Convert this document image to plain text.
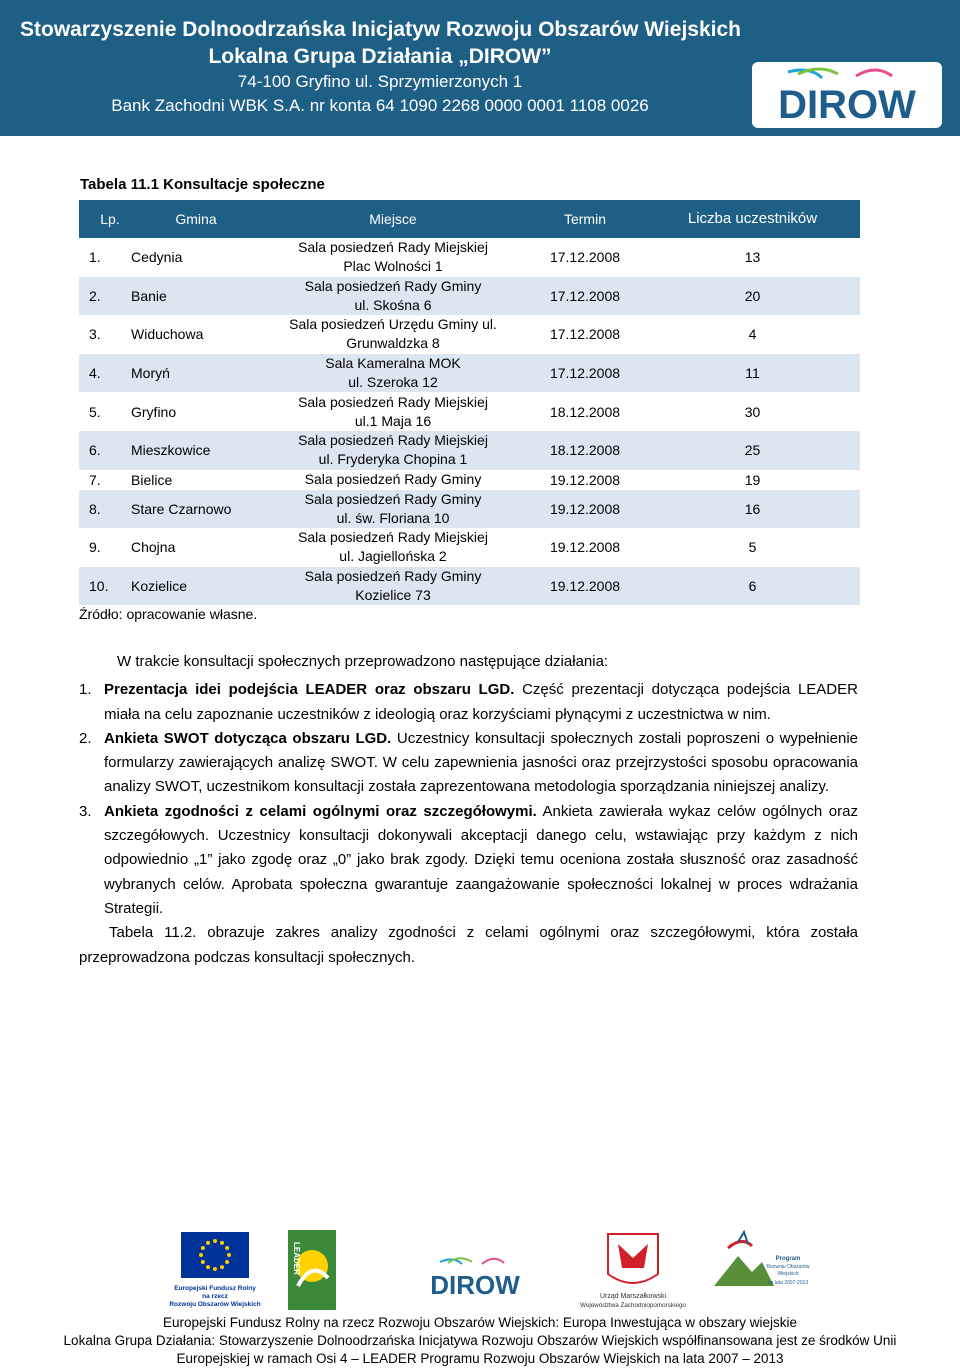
Stowarzyszenie Dolnoodrzańska Inicjatyw Rozwoju Obszarów Wiejskich
Lokalna Grupa Działania „DIROW”
74-100 Gryfino ul. Sprzymierzonych 1
Bank Zachodni WBK S.A. nr konta 64 1090 2268 0000 0001 1108 0026	DIROW
Tabela 11.1 Konsultacje społeczne
Lp.	Gmina	Miejsce	Termin	Liczba uczestników
1.	Cedynia	Sala posiedzeń Rady Miejskiej
Plac Wolności 1	17.12.2008	13
2.	Banie	Sala posiedzeń Rady Gminy
ul. Skośna 6	17.12.2008	20
3.	Widuchowa	Sala posiedzeń Urzędu Gminy ul.
Grunwaldzka 8	17.12.2008	4
4.	Moryń	Sala Kameralna MOK
ul. Szeroka 12	17.12.2008	11
5.	Gryfino	Sala posiedzeń Rady Miejskiej
ul.1 Maja 16	18.12.2008	30
6.	Mieszkowice	Sala posiedzeń Rady Miejskiej
ul. Fryderyka Chopina 1	18.12.2008	25
7.	Bielice	Sala posiedzeń Rady Gminy	19.12.2008	19
8.	Stare Czarnowo	Sala posiedzeń Rady Gminy
ul. św. Floriana 10	19.12.2008	16
9.	Chojna	Sala posiedzeń Rady Miejskiej
ul. Jagiellońska 2	19.12.2008	5
10.	Kozielice	Sala posiedzeń Rady Gminy
Kozielice 73	19.12.2008	6
Źródło: opracowanie własne.

W trakcie konsultacji społecznych przeprowadzono następujące działania:

1. Prezentacja idei podejścia LEADER oraz obszaru LGD. Część prezentacji dotycząca podejścia LEADER miała na celu zapoznanie uczestników z ideologią oraz korzyściami płynącymi z uczestnictwa w nim.

2. Ankieta SWOT dotycząca obszaru LGD. Uczestnicy konsultacji społecznych zostali poproszeni o wypełnienie formularzy zawierających analizę SWOT. W celu zapewnienia jasności oraz przejrzystości sposobu opracowania analizy SWOT, uczestnikom konsultacji została zaprezentowana metodologia sporządzania niniejszej analizy.

3. Ankieta zgodności z celami ogólnymi oraz szczegółowymi. Ankieta zawierała wykaz celów ogólnych oraz szczegółowych. Uczestnicy konsultacji dokonywali akceptacji danego celu, wstawiając przy każdym z nich odpowiednio „1” jako zgodę oraz „0” jako brak zgody. Dzięki temu oceniona została słuszność oraz zasadność wybranych celów. Aprobata społeczna gwarantuje zaangażowanie społeczności lokalnej w proces wdrażania Strategii.

Tabela 11.2. obrazuje zakres analizy zgodności z celami ogólnymi oraz szczegółowymi, która została przeprowadzona podczas konsultacji społecznych.

Europejski Fundusz Rolny
na rzecz
Rozwoju Obszarów Wiejskich
LEADER
DIROW	Urząd Marszałkowski
Województwa Zachodniopomorskiego
Program
Rozwoju Obszarów
Wiejskich
na lata 2007-2013
Europejski Fundusz Rolny na rzecz Rozwoju Obszarów Wiejskich: Europa Inwestująca w obszary wiejskie
Lokalna Grupa Działania: Stowarzyszenie Dolnoodrzańska Inicjatywa Rozwoju Obszarów Wiejskich współfinansowana jest ze środków Unii
Europejskiej w ramach Osi 4 – LEADER Programu Rozwoju Obszarów Wiejskich na lata 2007 – 2013
